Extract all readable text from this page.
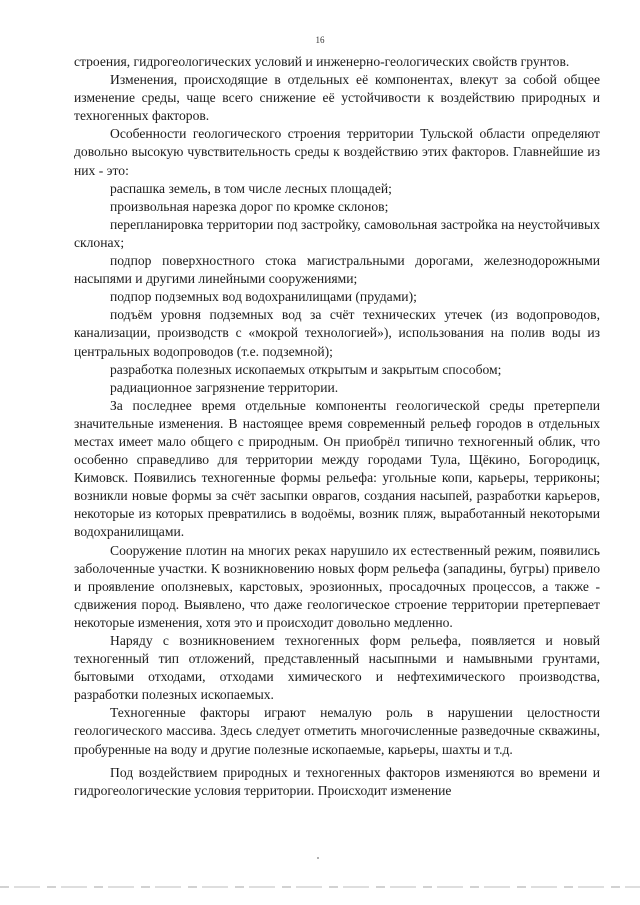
16

строения, гидрогеологических условий и инженерно-геологических свойств грунтов.

Изменения, происходящие в отдельных её компонентах, влекут за собой общее изменение среды, чаще всего снижение её устойчивости к воздействию природных и техногенных факторов.

Особенности геологического строения территории Тульской области определяют довольно высокую чувствительность среды к воздействию этих факторов. Главнейшие из них - это:

распашка земель, в том числе лесных площадей;

произвольная нарезка дорог по кромке склонов;

перепланировка территории под застройку, самовольная застройка на неустойчивых склонах;

подпор поверхностного стока магистральными дорогами, железнодорожными насыпями и другими линейными сооружениями;

подпор подземных вод водохранилищами (прудами);

подъём уровня подземных вод за счёт технических утечек (из водопроводов, канализации, производств с «мокрой технологией»), использования на полив воды из центральных водопроводов (т.е. подземной);

разработка полезных ископаемых открытым и закрытым способом;

радиационное загрязнение территории.

За последнее время отдельные компоненты геологической среды претерпели значительные изменения. В настоящее время современный рельеф городов в отдельных местах имеет мало общего с природным. Он приобрёл типично техногенный облик, что особенно справедливо для территории между городами Тула, Щёкино, Богородицк, Кимовск. Появились техногенные формы рельефа: угольные копи, карьеры, терриконы; возникли новые формы за счёт засыпки оврагов, создания насыпей, разработки карьеров, некоторые из которых превратились в водоёмы, возник пляж, выработанный некоторыми водохранилищами.

Сооружение плотин на многих реках нарушило их естественный режим, появились заболоченные участки. К возникновению новых форм рельефа (западины, бугры) привело и проявление оползневых, карстовых, эрозионных, просадочных процессов, а также - сдвижения пород. Выявлено, что даже геологическое строение территории претерпевает некоторые изменения, хотя это и происходит довольно медленно.

Наряду с возникновением техногенных форм рельефа, появляется и новый техногенный тип отложений, представленный насыпными и намывными грунтами, бытовыми отходами, отходами химического и нефтехимического производства, разработки полезных ископаемых.

Техногенные факторы играют немалую роль в нарушении целостности геологического массива. Здесь следует отметить многочисленные разведочные скважины, пробуренные на воду и другие полезные ископаемые, карьеры, шахты и т.д.

Под воздействием природных и техногенных факторов изменяются во времени и гидрогеологические условия территории. Происходит изменение
